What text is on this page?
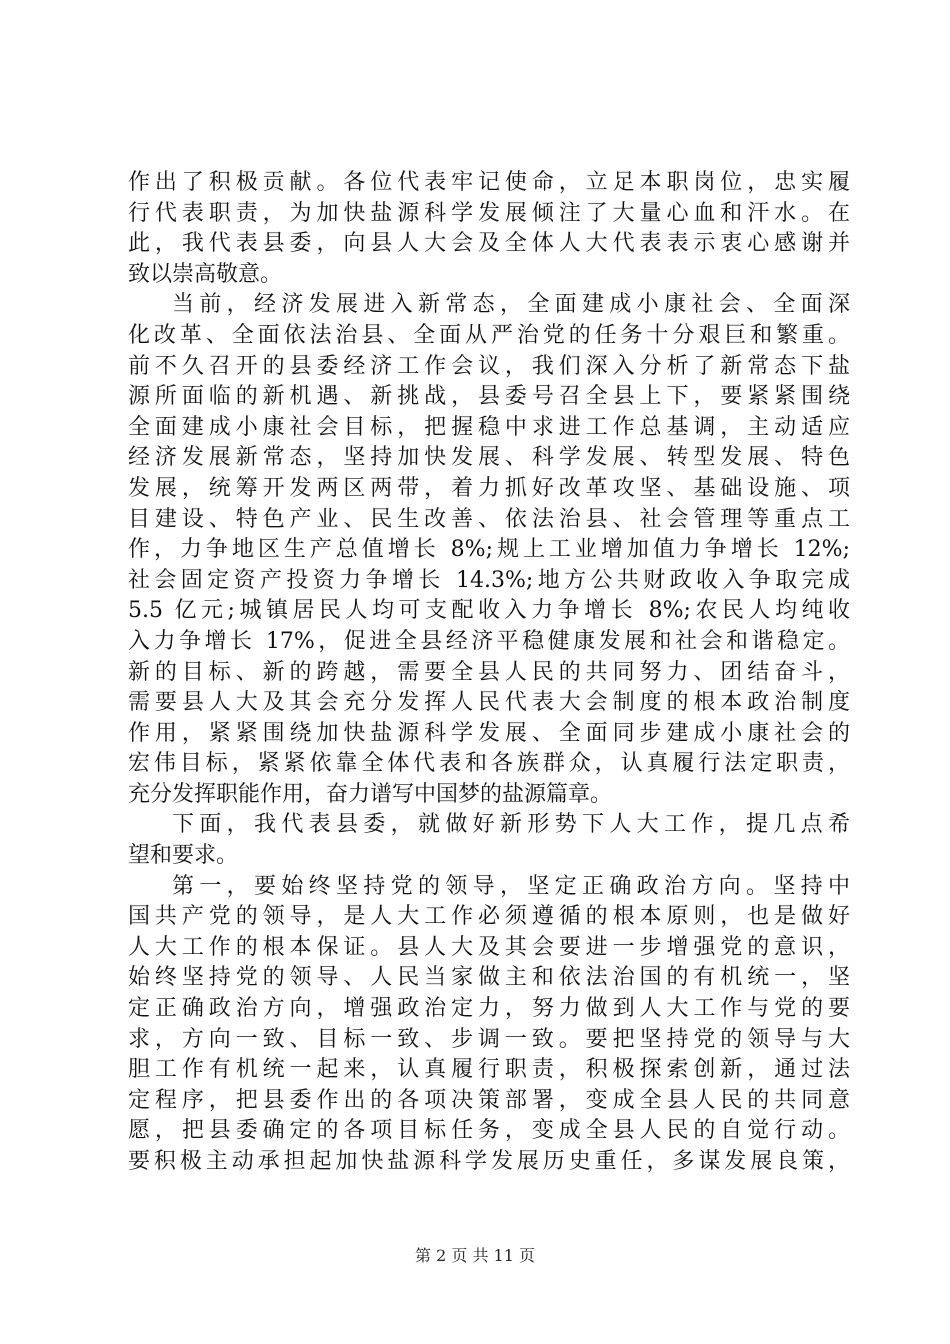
作出了积极贡献。各位代表牢记使命，立足本职岗位，忠实履
行代表职责，为加快盐源科学发展倾注了大量心血和汗水。在
此，我代表县委，向县人大会及全体人大代表表示衷心感谢并
致以崇高敬意。
当前，经济发展进入新常态，全面建成小康社会、全面深
化改革、全面依法治县、全面从严治党的任务十分艰巨和繁重。
前不久召开的县委经济工作会议，我们深入分析了新常态下盐
源所面临的新机遇、新挑战，县委号召全县上下，要紧紧围绕
全面建成小康社会目标，把握稳中求进工作总基调，主动适应
经济发展新常态，坚持加快发展、科学发展、转型发展、特色
发展，统筹开发两区两带，着力抓好改革攻坚、基础设施、项
目建设、特色产业、民生改善、依法治县、社会管理等重点工
作，力争地区生产总值增长 8%;规上工业增加值力争增长 12%;
社会固定资产投资力争增长 14.3%;地方公共财政收入争取完成
5.5 亿元;城镇居民人均可支配收入力争增长 8%;农民人均纯收
入力争增长 17%，促进全县经济平稳健康发展和社会和谐稳定。
新的目标、新的跨越，需要全县人民的共同努力、团结奋斗，
需要县人大及其会充分发挥人民代表大会制度的根本政治制度
作用，紧紧围绕加快盐源科学发展、全面同步建成小康社会的
宏伟目标，紧紧依靠全体代表和各族群众，认真履行法定职责，
充分发挥职能作用，奋力谱写中国梦的盐源篇章。
下面，我代表县委，就做好新形势下人大工作，提几点希
望和要求。
第一，要始终坚持党的领导，坚定正确政治方向。坚持中
国共产党的领导，是人大工作必须遵循的根本原则，也是做好
人大工作的根本保证。县人大及其会要进一步增强党的意识，
始终坚持党的领导、人民当家做主和依法治国的有机统一，坚
定正确政治方向，增强政治定力，努力做到人大工作与党的要
求，方向一致、目标一致、步调一致。要把坚持党的领导与大
胆工作有机统一起来，认真履行职责，积极探索创新，通过法
定程序，把县委作出的各项决策部署，变成全县人民的共同意
愿，把县委确定的各项目标任务，变成全县人民的自觉行动。
要积极主动承担起加快盐源科学发展历史重任，多谋发展良策，
第 2 页 共 11 页
